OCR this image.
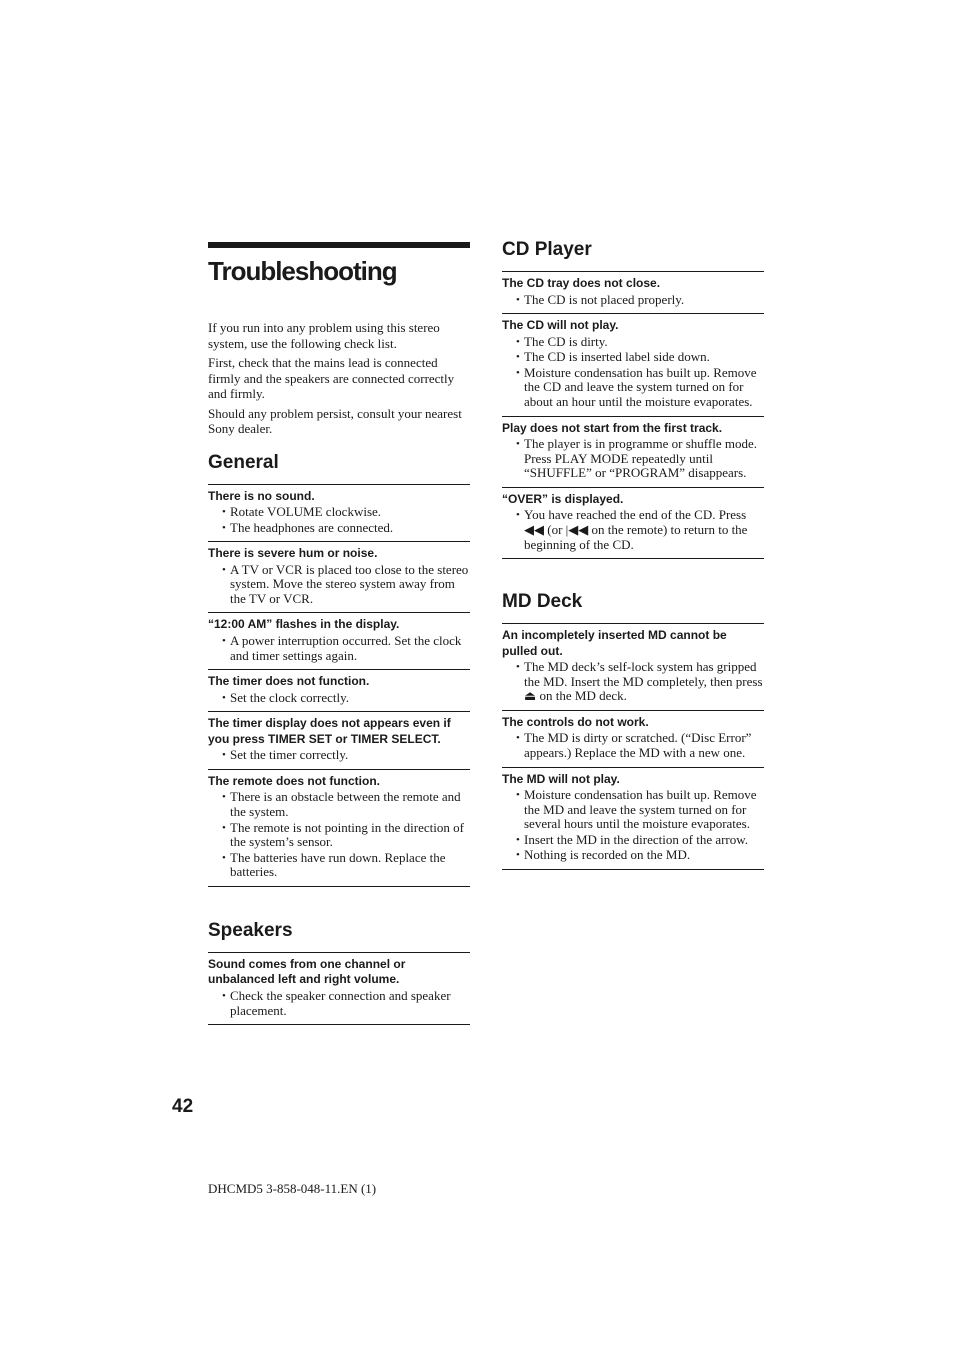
Troubleshooting

If you run into any problem using this stereo system, use the following check list.

First, check that the mains lead is connected firmly and the speakers are connected correctly and firmly.

Should any problem persist, consult your nearest Sony dealer.

General
There is no sound.
• Rotate VOLUME clockwise.
• The headphones are connected.
There is severe hum or noise.
• A TV or VCR is placed too close to the stereo system. Move the stereo system away from the TV or VCR.
“12:00 AM” flashes in the display.
• A power interruption occurred. Set the clock and timer settings again.
The timer does not function.
• Set the clock correctly.
The timer display does not appears even if you press TIMER SET or TIMER SELECT.
• Set the timer correctly.
The remote does not function.
• There is an obstacle between the remote and the system.
• The remote is not pointing in the direction of the system’s sensor.
• The batteries have run down. Replace the batteries.
Speakers
Sound comes from one channel or unbalanced left and right volume.
• Check the speaker connection and speaker placement.
CD Player
The CD tray does not close.
• The CD is not placed properly.
The CD will not play.
• The CD is dirty.
• The CD is inserted label side down.
• Moisture condensation has built up. Remove the CD and leave the system turned on for about an hour until the moisture evaporates.
Play does not start from the first track.
• The player is in programme or shuffle mode. Press PLAY MODE repeatedly until “SHUFFLE” or “PROGRAM” disappears.
“OVER” is displayed.
• You have reached the end of the CD. Press ◀◀ (or |◀◀ on the remote) to return to the beginning of the CD.
MD Deck
An incompletely inserted MD cannot be pulled out.
• The MD deck’s self-lock system has gripped the MD. Insert the MD completely, then press ⏏ on the MD deck.
The controls do not work.
• The MD is dirty or scratched. (“Disc Error” appears.) Replace the MD with a new one.
The MD will not play.
• Moisture condensation has built up. Remove the MD and leave the system turned on for several hours until the moisture evaporates.
• Insert the MD in the direction of the arrow.
• Nothing is recorded on the MD.
42
DHCMD5 3-858-048-11.EN (1)
